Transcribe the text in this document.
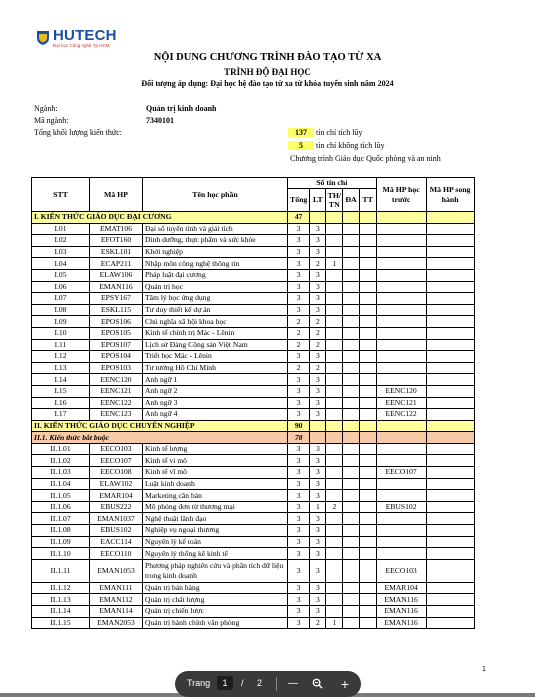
HUTECH
Đại học Công nghệ Tp.HCM
NỘI DUNG CHƯƠNG TRÌNH ĐÀO TẠO TỪ XA
TRÌNH ĐỘ ĐẠI HỌC
Đối tượng áp dụng: Đại học hệ đào tạo từ xa từ khóa tuyển sinh năm 2024
Ngành:	Quản trị kinh doanh
Mã ngành:	7340101
Tổng khối lượng kiến thức:	137 tín chỉ tích lũy
5 tín chỉ không tích lũy
Chương trình Giáo dục Quốc phòng và an ninh
STT	Mã HP	Tên học phần	Số tín chỉ					Mã HP học trước	Mã HP song hành
			Tổng	LT	TH/ TN	ĐA	TT		
I. KIẾN THỨC GIÁO DỤC ĐẠI CƯƠNG			47						
I.01	EMAT106	Đại số tuyến tính và giải tích	3	3					
I.02	EFOT160	Dinh dưỡng, thực phẩm và sức khỏe	3	3					
I.03	ESKL101	Khởi nghiệp	3	3					
I.04	ECAP211	Nhập môn công nghệ thông tin	3	2	1				
I.05	ELAW106	Pháp luật đại cương	3	3					
I.06	EMAN116	Quản trị học	3	3					
I.07	EPSY167	Tâm lý học ứng dụng	3	3					
I.08	ESKL115	Tư duy thiết kế dự án	3	3					
I.09	EPOS106	Chủ nghĩa xã hội khoa học	2	2					
I.10	EPOS105	Kinh tế chính trị Mác - Lênin	2	2					
I.11	EPOS107	Lịch sử Đảng Cộng sản Việt Nam	2	2					
I.12	EPOS104	Triết học Mác - Lênin	3	3					
I.13	EPOS103	Tư tưởng Hồ Chí Minh	2	2					
I.14	EENC120	Anh ngữ 1	3	3					
I.15	EENC121	Anh ngữ 2	3	3				EENC120	
I.16	EENC122	Anh ngữ 3	3	3				EENC121	
I.17	EENC123	Anh ngữ 4	3	3				EENC122	
II. KIẾN THỨC GIÁO DỤC CHUYÊN NGHIỆP			90						
II.1. Kiến thức bắt buộc			78						
II.1.01	EECO103	Kinh tế lượng	3	3					
II.1.02	EECO107	Kinh tế vi mô	3	3					
II.1.03	EECO108	Kinh tế vĩ mô	3	3				EECO107	
II.1.04	ELAW102	Luật kinh doanh	3	3					
II.1.05	EMAR104	Marketing căn bản	3	3					
II.1.06	EBUS222	Mô phỏng đơn từ thương mại	3	1	2			EBUS102	
II.1.07	EMAN1037	Nghệ thuật lãnh đạo	3	3					
II.1.08	EBUS102	Nghiệp vụ ngoại thương	3	3					
II.1.09	EACC114	Nguyên lý kế toán	3	3					
II.1.10	EECO110	Nguyên lý thống kê kinh tế	3	3					
II.1.11	EMAN1053	Phương pháp nghiên cứu và phân tích dữ liệu trong kinh doanh	3	3				EECO103	
II.1.12	EMAN111	Quản trị bán hàng	3	3				EMAR104	
II.1.13	EMAN112	Quản trị chất lượng	3	3				EMAN116	
II.1.14	EMAN114	Quản trị chiến lược	3	3				EMAN116	
II.1.15	EMAN2053	Quản trị hành chính văn phòng	3	2	1			EMAN116	
1
Trang	1	/ 2	—	+
